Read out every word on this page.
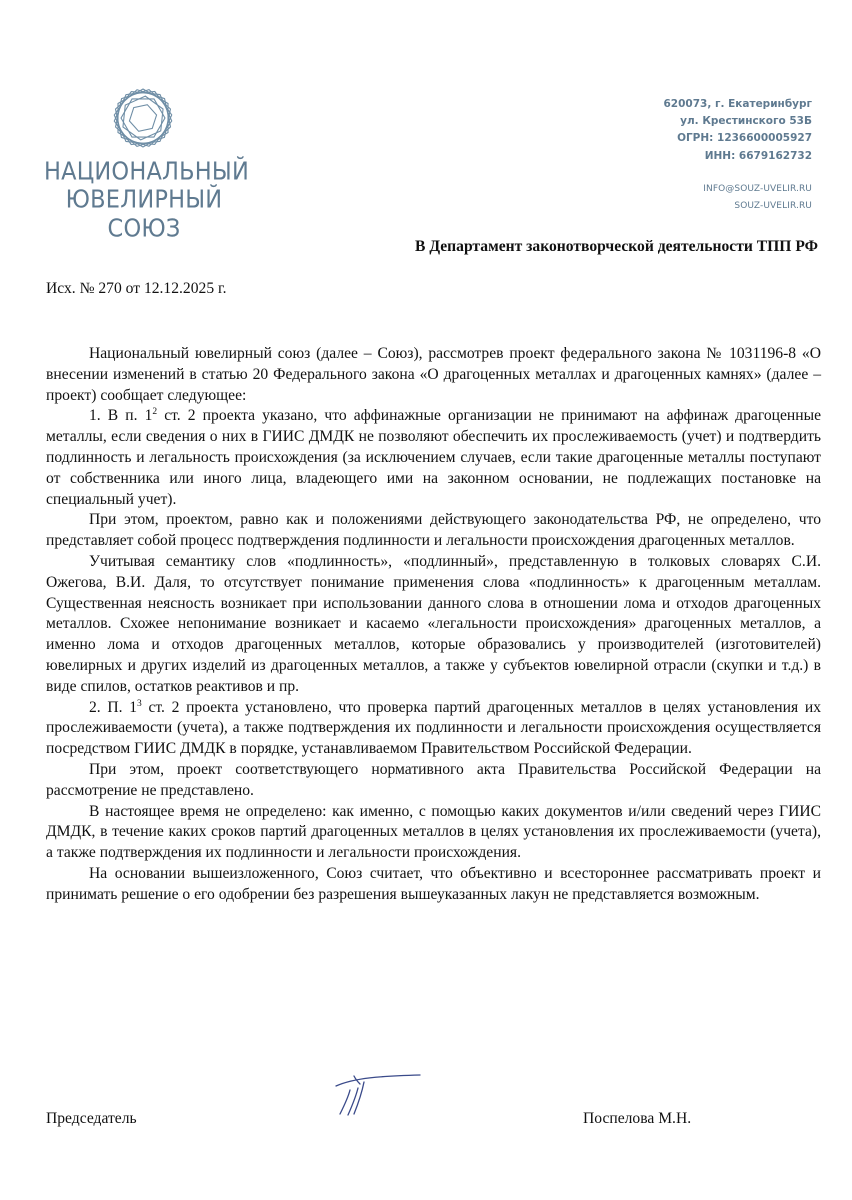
НАЦИОНАЛЬНЫЙ
ЮВЕЛИРНЫЙ СОЮЗ
620073, г. Екатеринбург
ул. Крестинского 53Б
ОГРН: 1236600005927
ИНН: 6679162732
INFO@SOUZ-UVELIR.RU
SOUZ-UVELIR.RU
В Департамент законотворческой деятельности ТПП РФ
Исх. № 270 от 12.12.2025 г.

Национальный ювелирный союз (далее – Союз), рассмотрев проект федерального закона № 1031196-8 «О внесении изменений в статью 20 Федерального закона «О драгоценных металлах и драгоценных камнях» (далее – проект) сообщает следующее:

1. В п. $1^2$ ст. 2 проекта указано, что аффинажные организации не принимают на аффинаж драгоценные металлы, если сведения о них в ГИИС ДМДК не позволяют обеспечить их прослеживаемость (учет) и подтвердить подлинность и легальность происхождения (за исключением случаев, если такие драгоценные металлы поступают от собственника или иного лица, владеющего ими на законном основании, не подлежащих постановке на специальный учет).

При этом, проектом, равно как и положениями действующего законодательства РФ, не определено, что представляет собой процесс подтверждения подлинности и легальности происхождения драгоценных металлов.

Учитывая семантику слов «подлинность», «подлинный», представленную в толковых словарях С.И. Ожегова, В.И. Даля, то отсутствует понимание применения слова «подлинность» к драгоценным металлам. Существенная неясность возникает при использовании данного слова в отношении лома и отходов драгоценных металлов. Схожее непонимание возникает и касаемо «легальности происхождения» драгоценных металлов, а именно лома и отходов драгоценных металлов, которые образовались у производителей (изготовителей) ювелирных и других изделий из драгоценных металлов, а также у субъектов ювелирной отрасли (скупки и т.д.) в виде спилов, остатков реактивов и пр.

2. П. $1^3$ ст. 2 проекта установлено, что проверка партий драгоценных металлов в целях установления их прослеживаемости (учета), а также подтверждения их подлинности и легальности происхождения осуществляется посредством ГИИС ДМДК в порядке, устанавливаемом Правительством Российской Федерации.

При этом, проект соответствующего нормативного акта Правительства Российской Федерации на рассмотрение не представлено.

В настоящее время не определено: как именно, с помощью каких документов и/или сведений через ГИИС ДМДК, в течение каких сроков партий драгоценных металлов в целях установления их прослеживаемости (учета), а также подтверждения их подлинности и легальности происхождения.

На основании вышеизложенного, Союз считает, что объективно и всестороннее рассматривать проект и принимать решение о его одобрении без разрешения вышеуказанных лакун не представляется возможным.

Председатель	Поспелова М.Н.
